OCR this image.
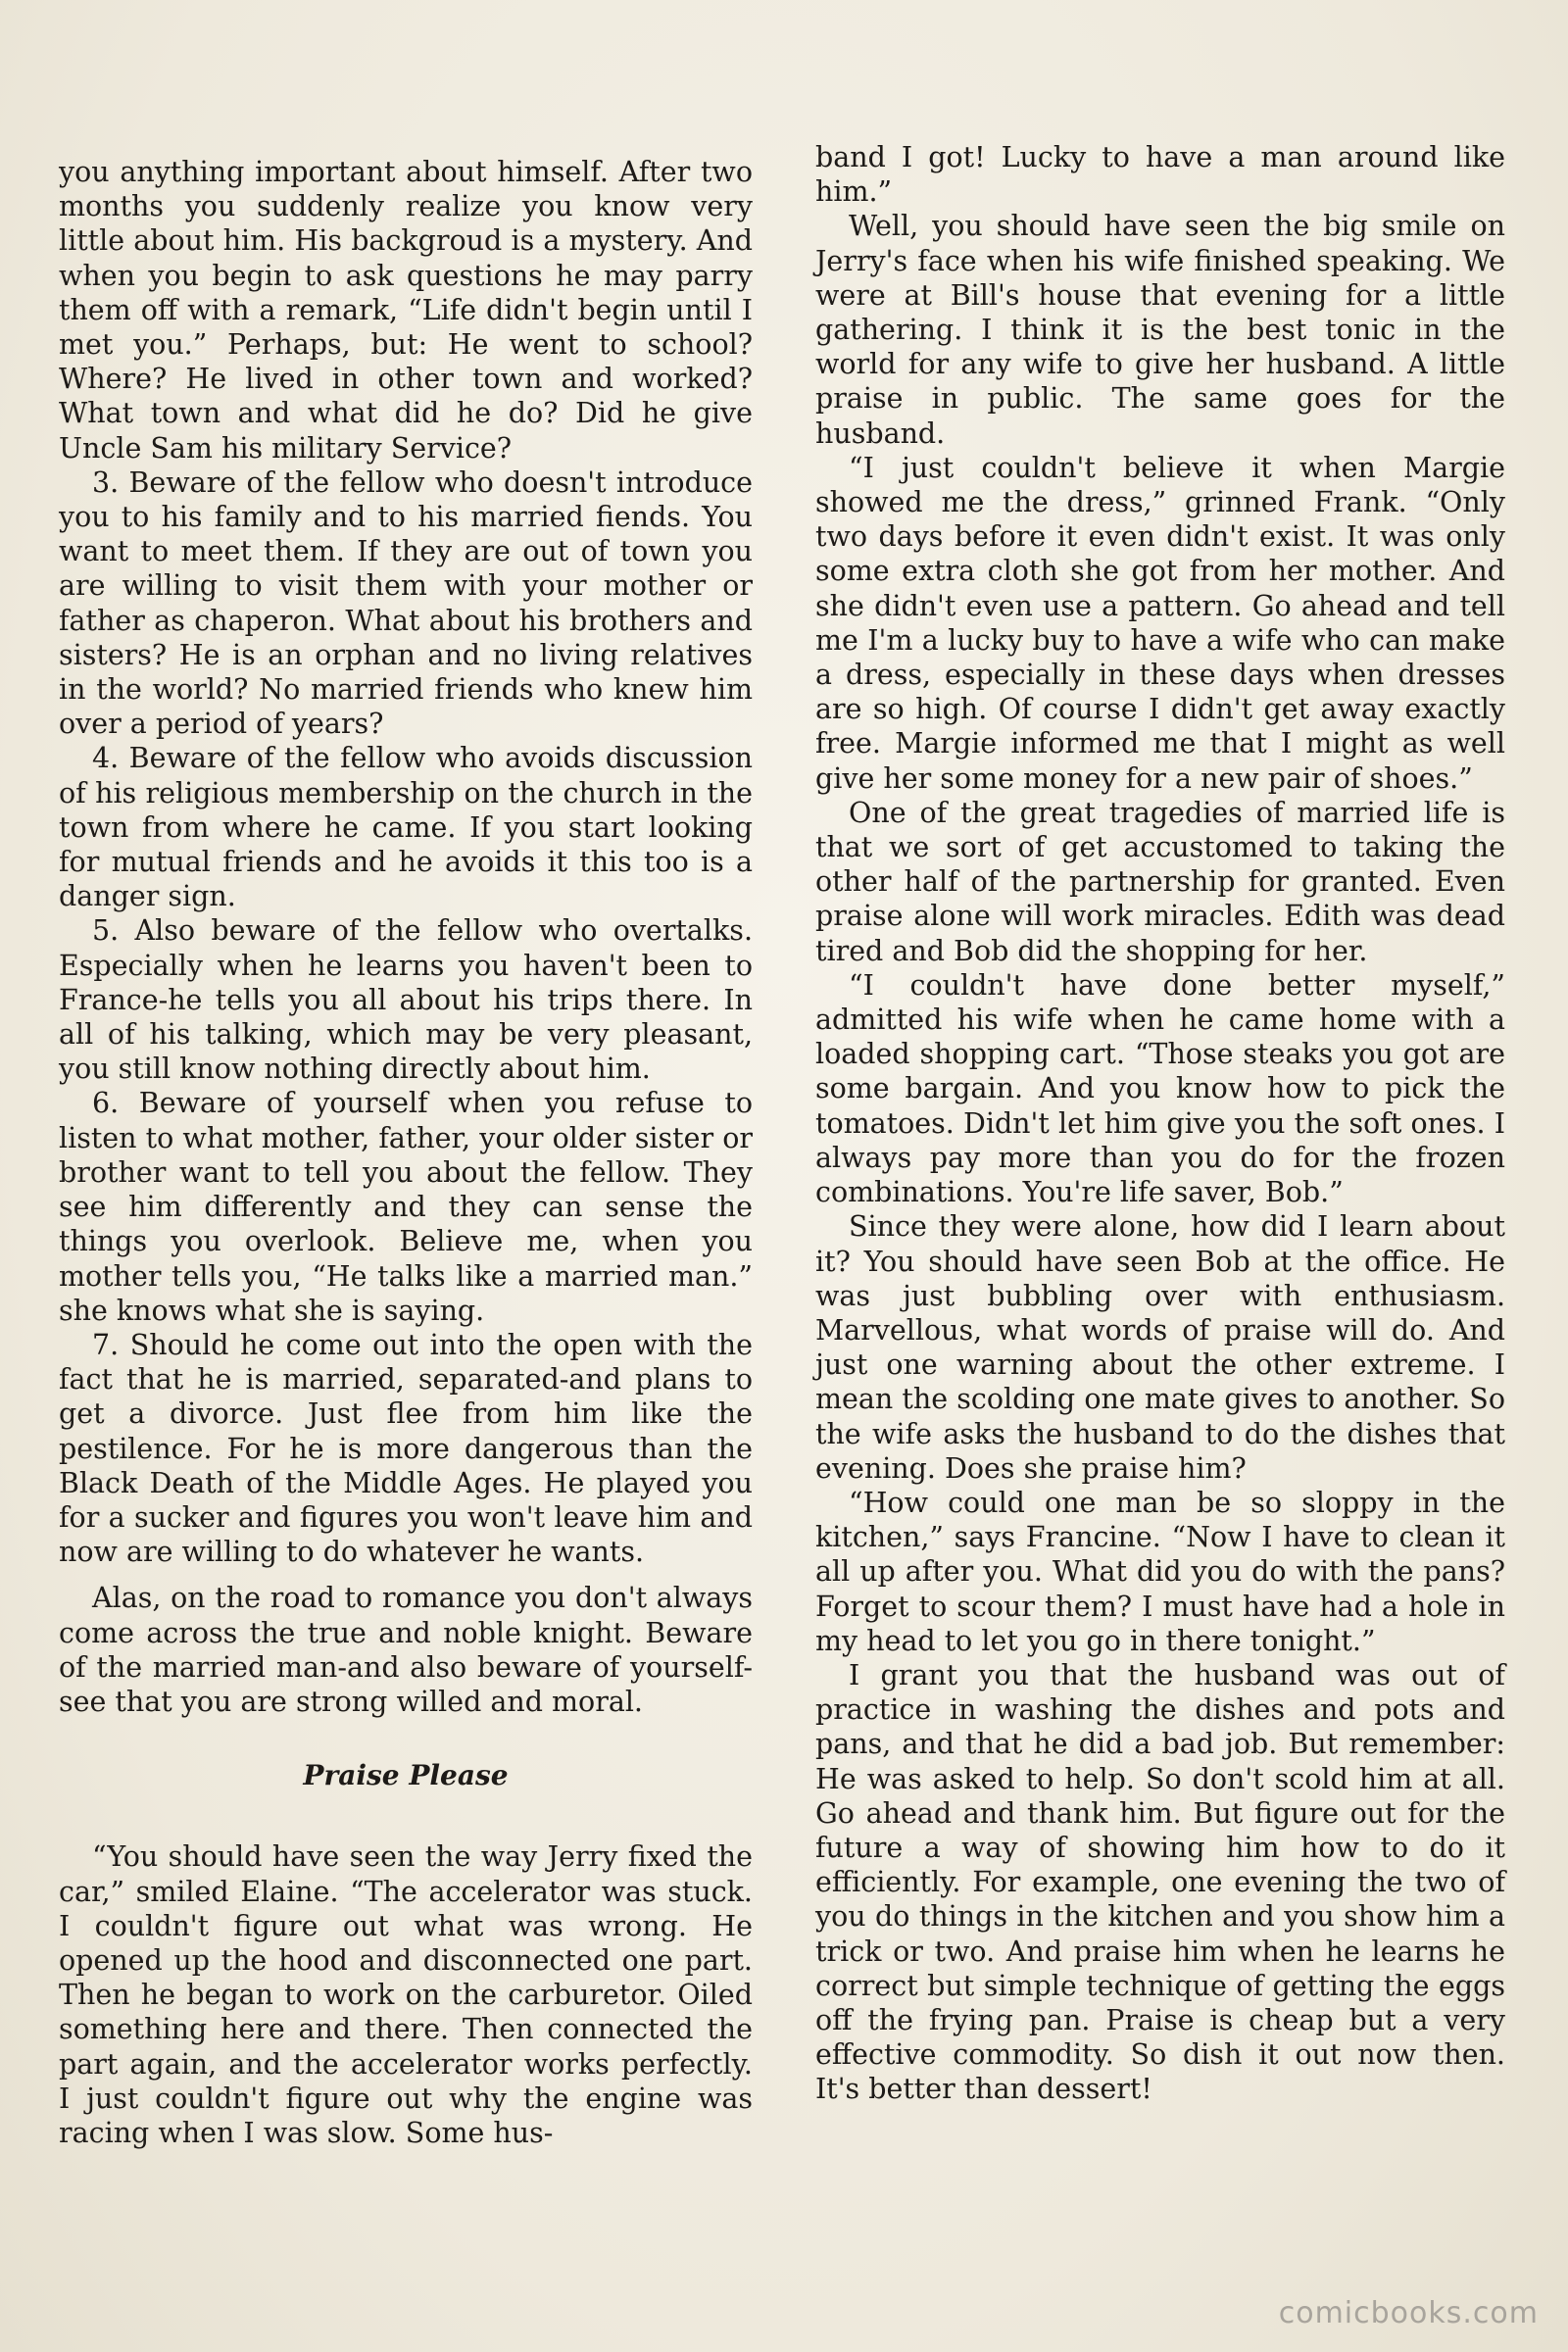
you anything important about himself. After two months you suddenly realize you know very little about him. His backgroud is a mystery. And when you begin to ask questions he may parry them off with a remark, “Life didn't begin until I met you.” Perhaps, but: He went to school? Where? He lived in other town and worked? What town and what did he do? Did he give Uncle Sam his military Service?

3. Beware of the fellow who doesn't introduce you to his family and to his married fiends. You want to meet them. If they are out of town you are willing to visit them with your mother or father as chaperon. What about his brothers and sisters? He is an orphan and no living relatives in the world? No married friends who knew him over a period of years?

4. Beware of the fellow who avoids discussion of his religious membership on the church in the town from where he came. If you start looking for mutual friends and he avoids it this too is a danger sign.

5. Also beware of the fellow who overtalks. Especially when he learns you haven't been to France-he tells you all about his trips there. In all of his talking, which may be very pleasant, you still know nothing directly about him.

6. Beware of yourself when you refuse to listen to what mother, father, your older sister or brother want to tell you about the fellow. They see him differently and they can sense the things you overlook. Believe me, when you mother tells you, “He talks like a married man.” she knows what she is saying.

7. Should he come out into the open with the fact that he is married, separated-and plans to get a divorce. Just flee from him like the pestilence. For he is more dangerous than the Black Death of the Middle Ages. He played you for a sucker and figures you won't leave him and now are willing to do whatever he wants.

Alas, on the road to romance you don't always come across the true and noble knight. Beware of the married man-and also beware of yourself-see that you are strong willed and moral.

Praise Please

“You should have seen the way Jerry fixed the car,” smiled Elaine. “The accelerator was stuck. I couldn't figure out what was wrong. He opened up the hood and disconnected one part. Then he began to work on the carburetor. Oiled something here and there. Then connected the part again, and the accelerator works perfectly. I just couldn't figure out why the engine was racing when I was slow. Some hus-

band I got! Lucky to have a man around like him.”

Well, you should have seen the big smile on Jerry's face when his wife finished speaking. We were at Bill's house that evening for a little gathering. I think it is the best tonic in the world for any wife to give her husband. A little praise in public. The same goes for the husband.

“I just couldn't believe it when Margie showed me the dress,” grinned Frank. “Only two days before it even didn't exist. It was only some extra cloth she got from her mother. And she didn't even use a pattern. Go ahead and tell me I'm a lucky buy to have a wife who can make a dress, especially in these days when dresses are so high. Of course I didn't get away exactly free. Margie informed me that I might as well give her some money for a new pair of shoes.”

One of the great tragedies of married life is that we sort of get accustomed to taking the other half of the partnership for granted. Even praise alone will work miracles. Edith was dead tired and Bob did the shopping for her.

“I couldn't have done better myself,” admitted his wife when he came home with a loaded shopping cart. “Those steaks you got are some bargain. And you know how to pick the tomatoes. Didn't let him give you the soft ones. I always pay more than you do for the frozen combinations. You're life saver, Bob.”

Since they were alone, how did I learn about it? You should have seen Bob at the office. He was just bubbling over with enthusiasm. Marvellous, what words of praise will do. And just one warning about the other extreme. I mean the scolding one mate gives to another. So the wife asks the husband to do the dishes that evening. Does she praise him?

“How could one man be so sloppy in the kitchen,” says Francine. “Now I have to clean it all up after you. What did you do with the pans? Forget to scour them? I must have had a hole in my head to let you go in there tonight.”

I grant you that the husband was out of practice in washing the dishes and pots and pans, and that he did a bad job. But remember: He was asked to help. So don't scold him at all. Go ahead and thank him. But figure out for the future a way of showing him how to do it efficiently. For example, one evening the two of you do things in the kitchen and you show him a trick or two. And praise him when he learns he correct but simple technique of getting the eggs off the frying pan. Praise is cheap but a very effective commodity. So dish it out now then. It's better than dessert!

comicbooks.com
